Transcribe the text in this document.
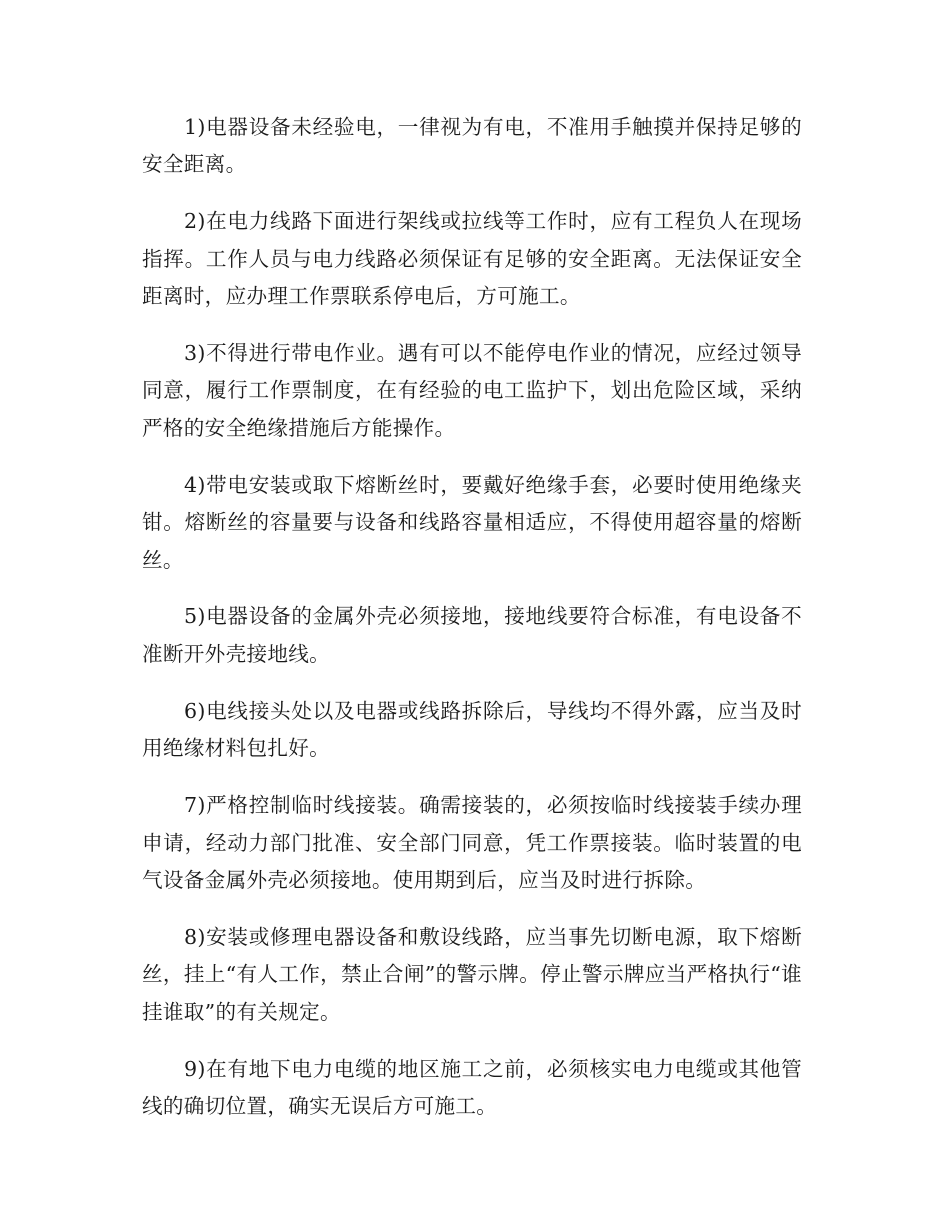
1)电器设备未经验电，一律视为有电，不准用手触摸并保持足够的安全距离。

2)在电力线路下面进行架线或拉线等工作时，应有工程负人在现场指挥。工作人员与电力线路必须保证有足够的安全距离。无法保证安全距离时，应办理工作票联系停电后，方可施工。

3)不得进行带电作业。遇有可以不能停电作业的情况，应经过领导同意，履行工作票制度，在有经验的电工监护下，划出危险区域，采纳严格的安全绝缘措施后方能操作。

4)带电安装或取下熔断丝时，要戴好绝缘手套，必要时使用绝缘夹钳。熔断丝的容量要与设备和线路容量相适应，不得使用超容量的熔断丝。

5)电器设备的金属外壳必须接地，接地线要符合标准，有电设备不准断开外壳接地线。

6)电线接头处以及电器或线路拆除后，导线均不得外露，应当及时用绝缘材料包扎好。

7)严格控制临时线接装。确需接装的，必须按临时线接装手续办理申请，经动力部门批准、安全部门同意，凭工作票接装。临时装置的电气设备金属外壳必须接地。使用期到后，应当及时进行拆除。

8)安装或修理电器设备和敷设线路，应当事先切断电源，取下熔断丝，挂上“有人工作，禁止合闸”的警示牌。停止警示牌应当严格执行“谁挂谁取”的有关规定。

9)在有地下电力电缆的地区施工之前，必须核实电力电缆或其他管线的确切位置，确实无误后方可施工。
